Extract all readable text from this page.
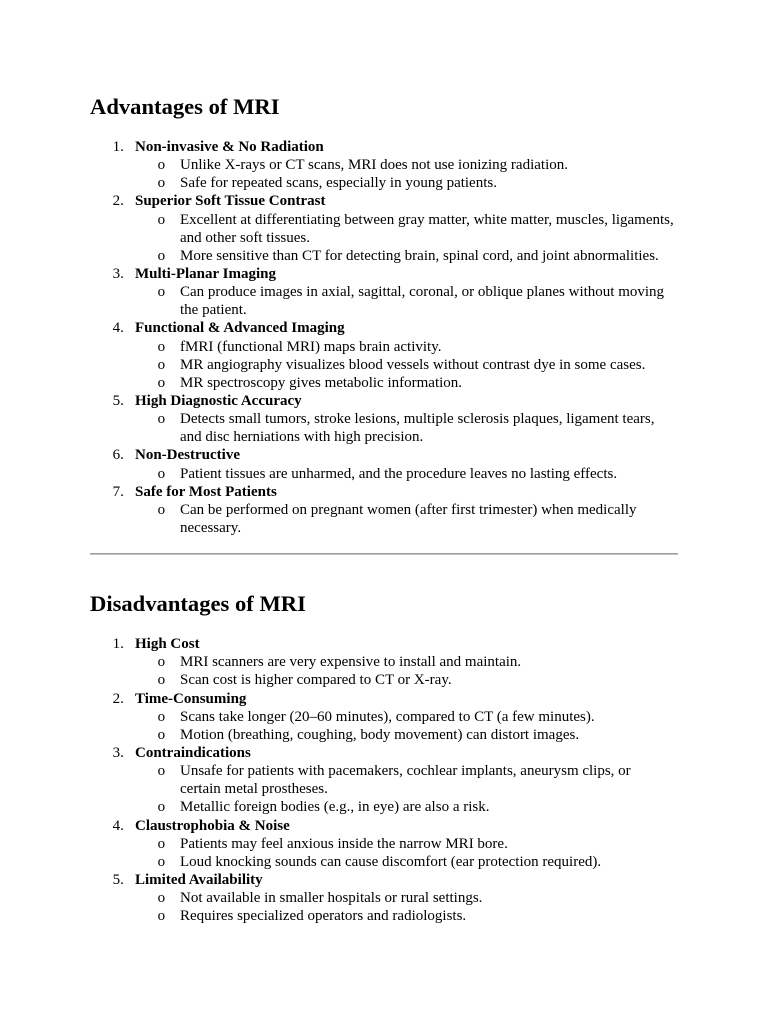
Advantages of MRI
1. Non-invasive & No Radiation
o Unlike X-rays or CT scans, MRI does not use ionizing radiation.
o Safe for repeated scans, especially in young patients.
2. Superior Soft Tissue Contrast
o Excellent at differentiating between gray matter, white matter, muscles, ligaments, and other soft tissues.
o More sensitive than CT for detecting brain, spinal cord, and joint abnormalities.
3. Multi-Planar Imaging
o Can produce images in axial, sagittal, coronal, or oblique planes without moving the patient.
4. Functional & Advanced Imaging
o fMRI (functional MRI) maps brain activity.
o MR angiography visualizes blood vessels without contrast dye in some cases.
o MR spectroscopy gives metabolic information.
5. High Diagnostic Accuracy
o Detects small tumors, stroke lesions, multiple sclerosis plaques, ligament tears, and disc herniations with high precision.
6. Non-Destructive
o Patient tissues are unharmed, and the procedure leaves no lasting effects.
7. Safe for Most Patients
o Can be performed on pregnant women (after first trimester) when medically necessary.
Disadvantages of MRI
1. High Cost
o MRI scanners are very expensive to install and maintain.
o Scan cost is higher compared to CT or X-ray.
2. Time-Consuming
o Scans take longer (20–60 minutes), compared to CT (a few minutes).
o Motion (breathing, coughing, body movement) can distort images.
3. Contraindications
o Unsafe for patients with pacemakers, cochlear implants, aneurysm clips, or certain metal prostheses.
o Metallic foreign bodies (e.g., in eye) are also a risk.
4. Claustrophobia & Noise
o Patients may feel anxious inside the narrow MRI bore.
o Loud knocking sounds can cause discomfort (ear protection required).
5. Limited Availability
o Not available in smaller hospitals or rural settings.
o Requires specialized operators and radiologists.
